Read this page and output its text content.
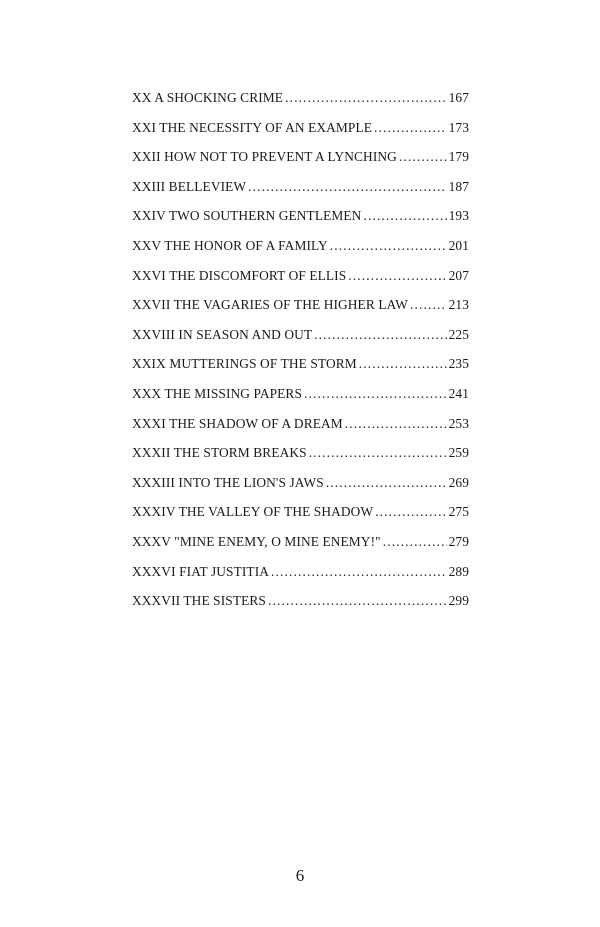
XX A SHOCKING CRIME . . .	167
XXI THE NECESSITY OF AN EXAMPLE . . .	173
XXII HOW NOT TO PREVENT A LYNCHING . . .	179
XXIII BELLEVIEW . . .	187
XXIV TWO SOUTHERN GENTLEMEN . . .	193
XXV THE HONOR OF A FAMILY . . .	201
XXVI THE DISCOMFORT OF ELLIS . . .	207
XXVII THE VAGARIES OF THE HIGHER LAW . . .	213
XXVIII IN SEASON AND OUT . . .	225
XXIX MUTTERINGS OF THE STORM . . .	235
XXX THE MISSING PAPERS . . .	241
XXXI THE SHADOW OF A DREAM . . .	253
XXXII THE STORM BREAKS . . .	259
XXXIII INTO THE LION'S JAWS . . .	269
XXXIV THE VALLEY OF THE SHADOW . . .	275
XXXV "MINE ENEMY, O MINE ENEMY!" . . .	279
XXXVI FIAT JUSTITIA . . .	289
XXXVII THE SISTERS . . .	299
6
